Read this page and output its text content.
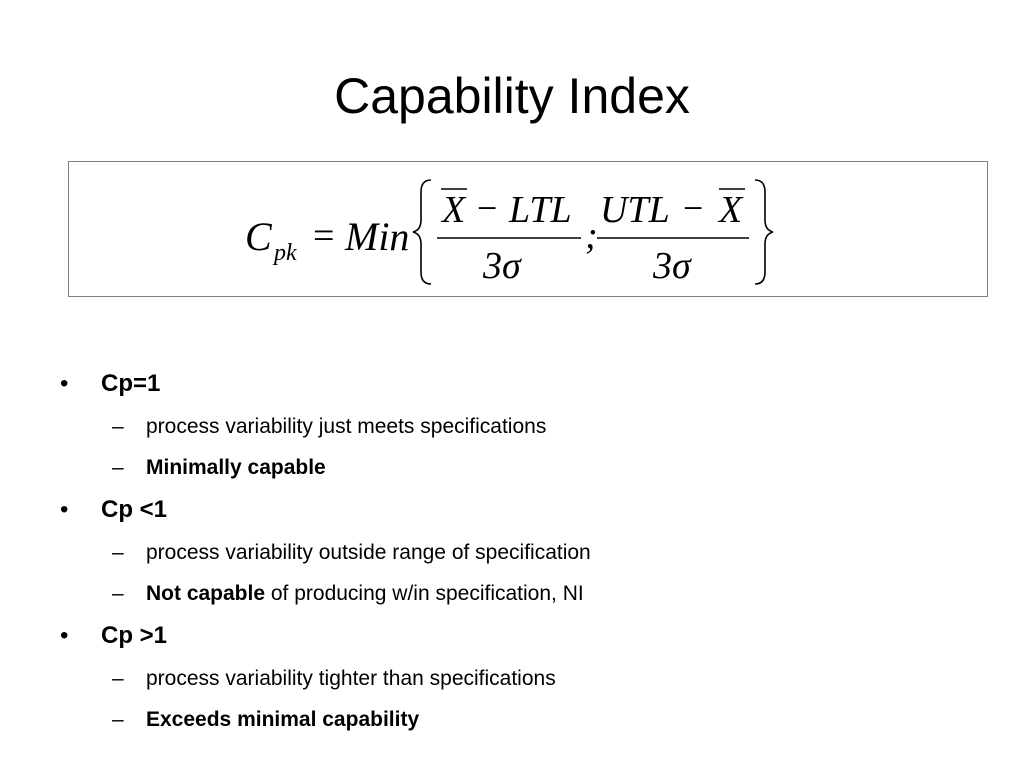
Capability Index
C pk = Min
X − LTL
3σ
;
UTL − X
3σ
• Cp=1
– process variability just meets specifications
– Minimally capable
• Cp <1
– process variability outside range of specification
– Not capable of producing w/in specification, NI
• Cp >1
– process variability tighter than specifications
– Exceeds minimal capability
